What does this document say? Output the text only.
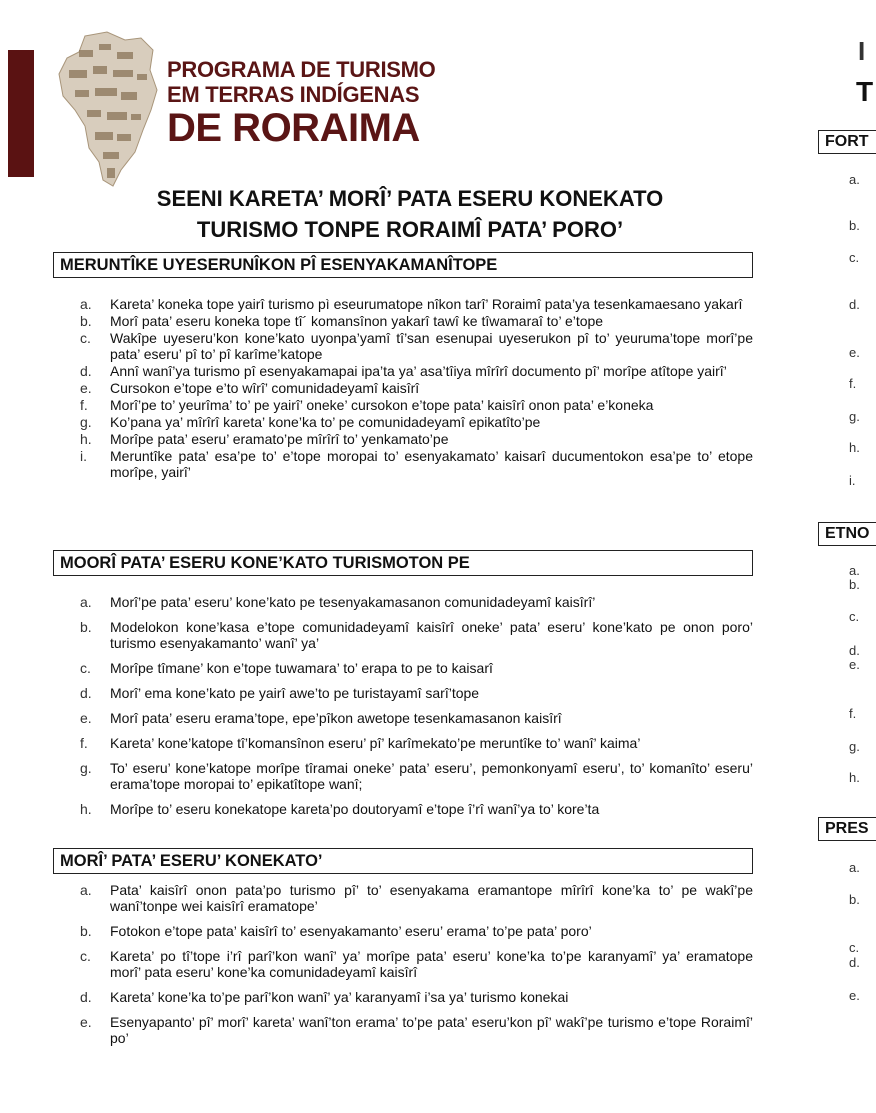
PROGRAMA DE TURISMO
EM TERRAS INDÍGENAS
DE RORAIMA
SEENI KARETA’ MORÎ’ PATA ESERU KONEKATO
TURISMO TONPE RORAIMÎ PATA’ PORO’
MERUNTÎKE UYESERUNÎKON PÎ ESENYAKAMANÎTOPE
a. Kareta’ koneka tope yairî turismo pì eseurumatope nîkon tarî’ Roraimî pata’ya tesenkamaesano yakarî
b. Morî pata’ eseru koneka tope tî´ komansînon yakarî tawî ke tîwamaraî to’ e’tope
c. Wakîpe uyeseru’kon kone’kato uyonpa’yamî tî’san esenupai uyeserukon pî to’ yeuruma’tope morî’pe pata’ eseru’ pî to’ pî karîme’katope
d. Annî wanî’ya turismo pî esenyakamapai ipa’ta ya’ asa’tîiya mîrîrî documento pî’ morîpe atîtope yairî’
e. Cursokon e’tope e’to wîrî’ comunidadeyamî kaisîrî
f. Morî’pe to’ yeurîma’ to’ pe yairî’ oneke’ cursokon e’tope pata’ kaisîrî onon pata’ e’koneka
g. Ko’pana ya’ mîrîrî kareta’ kone’ka to’ pe comunidadeyamî epikatîto’pe
h. Morîpe pata’ eseru’ eramato’pe mîrîrî to’ yenkamato’pe
i. Meruntîke pata’ esa’pe to’ e’tope moropai to’ esenyakamato’ kaisarî ducumentokon esa’pe to’ etope morîpe, yairî’
MOORÎ PATA’ ESERU KONE’KATO TURISMOTON PE
a. Morî’pe pata’ eseru’ kone’kato pe tesenyakamasanon comunidadeyamî kaisîrî’
b. Modelokon kone’kasa e’tope comunidadeyamî kaisîrî oneke’ pata’ eseru’ kone’kato pe onon poro’ turismo esenyakamanto’ wanî’ ya’
c. Morîpe tîmane’ kon e’tope tuwamara’ to’ erapa to pe to kaisarî
d. Morî’ ema kone’kato pe yairî awe’to pe turistayamî sarî’tope
e. Morî pata’ eseru erama’tope, epe’pîkon awetope tesenkamasanon kaisîrî
f. Kareta’ kone’katope tî’komansînon eseru’ pî’ karîmekato’pe meruntîke to’ wanî’ kaima’
g. To’ eseru’ kone’katope morîpe tîramai oneke’ pata’ eseru’, pemonkonyamî eseru’, to’ komanîto’ eseru’ erama’tope moropai to’ epikatîtope wanî;
h. Morîpe to’ eseru konekatope kareta’po doutoryamî e’tope î’rî wanî’ya to’ kore’ta
MORÎ’ PATA’ ESERU’ KONEKATO’
a. Pata’ kaisîrî onon pata’po turismo pî’ to’ esenyakama eramantope mîrîrî kone’ka to’ pe wakî’pe wanî’tonpe wei kaisîrî eramatope’
b. Fotokon e’tope pata’ kaisîrî to’ esenyakamanto’ eseru’ erama’ to’pe pata’ poro’
c. Kareta’ po tî’tope i’rî parî’kon wanî’ ya’ morîpe pata’ eseru’ kone’ka to’pe karanyamî’ ya’ eramatope morî’ pata eseru’ kone’ka comunidadeyamî kaisîrî
d. Kareta’ kone’ka to’pe parî’kon wanî’ ya’ karanyamî i’sa ya’ turismo konekai
e. Esenyapanto’ pî’ morî’ kareta’ wanî’ton erama’ to’pe pata’ eseru’kon pî’ wakî’pe turismo e’tope Roraimî’ po’
I
T
FORT
a.
b.
c.
d.
e.
f.
g.
h.
i.
ETNO
a.
b.
c.
d.
e.
f.
g.
h.
PRES
a.
b.
c.
d.
e.
